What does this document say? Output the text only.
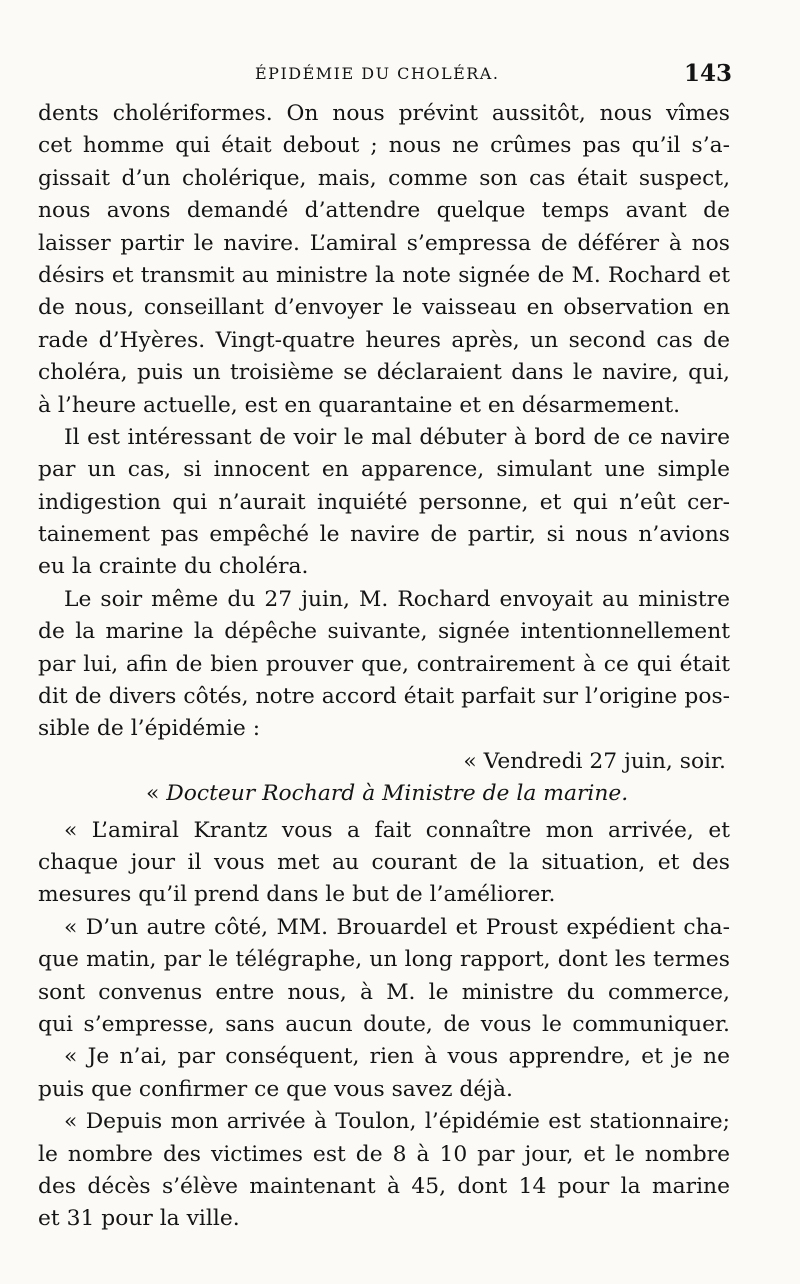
ÉPIDÉMIE DU CHOLÉRA.	143
dents cholériformes. On nous prévint aussitôt, nous vîmes
cet homme qui était debout ; nous ne crûmes pas qu’il s’a-
gissait d’un cholérique, mais, comme son cas était suspect,
nous avons demandé d’attendre quelque temps avant de
laisser partir le navire. L’amiral s’empressa de déférer à nos
désirs et transmit au ministre la note signée de M. Rochard et
de nous, conseillant d’envoyer le vaisseau en observation en
rade d’Hyères. Vingt-quatre heures après, un second cas de
choléra, puis un troisième se déclaraient dans le navire, qui,
à l’heure actuelle, est en quarantaine et en désarmement.
Il est intéressant de voir le mal débuter à bord de ce navire
par un cas, si innocent en apparence, simulant une simple
indigestion qui n’aurait inquiété personne, et qui n’eût cer-
tainement pas empêché le navire de partir, si nous n’avions
eu la crainte du choléra.
Le soir même du 27 juin, M. Rochard envoyait au ministre
de la marine la dépêche suivante, signée intentionnellement
par lui, afin de bien prouver que, contrairement à ce qui était
dit de divers côtés, notre accord était parfait sur l’origine pos-
sible de l’épidémie :
« Vendredi 27 juin, soir.
« Docteur Rochard à Ministre de la marine.
« L’amiral Krantz vous a fait connaître mon arrivée, et
chaque jour il vous met au courant de la situation, et des
mesures qu’il prend dans le but de l’améliorer.
« D’un autre côté, MM. Brouardel et Proust expédient cha-
que matin, par le télégraphe, un long rapport, dont les termes
sont convenus entre nous, à M. le ministre du commerce,
qui s’empresse, sans aucun doute, de vous le communiquer.
« Je n’ai, par conséquent, rien à vous apprendre, et je ne
puis que confirmer ce que vous savez déjà.
« Depuis mon arrivée à Toulon, l’épidémie est stationnaire;
le nombre des victimes est de 8 à 10 par jour, et le nombre
des décès s’élève maintenant à 45, dont 14 pour la marine
et 31 pour la ville.
